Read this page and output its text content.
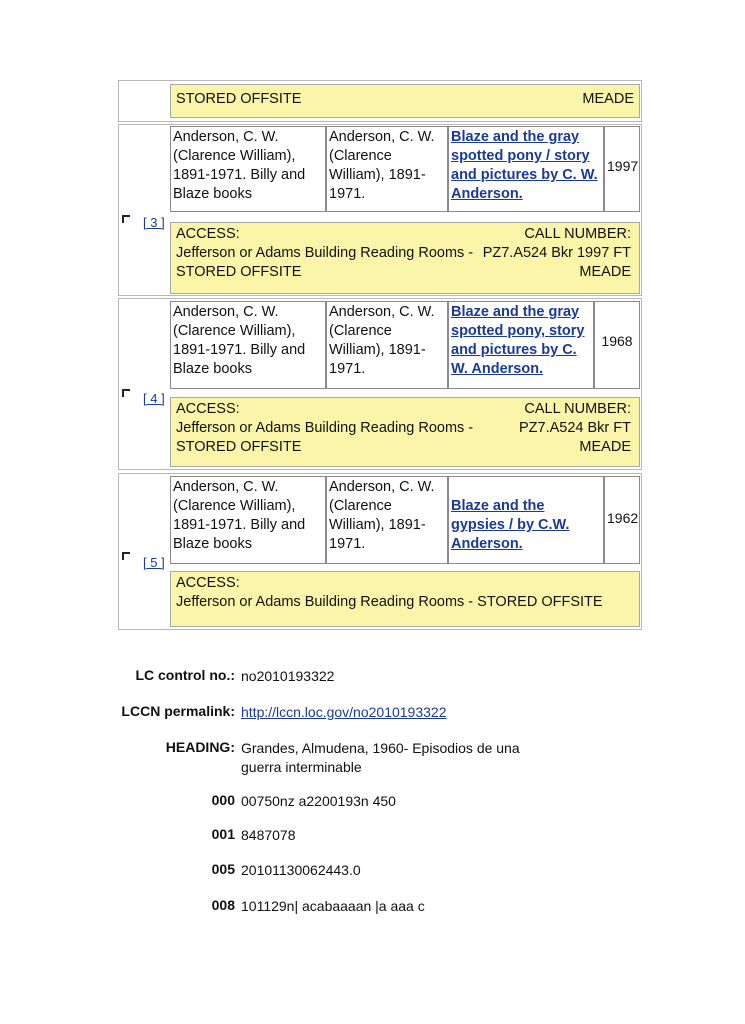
STORED OFFSITE	MEADE
[ 3 ]
Anderson, C. W. (Clarence William), 1891-1971. Billy and Blaze books
Anderson, C. W. (Clarence William), 1891-1971.
Blaze and the gray spotted pony / story and pictures by C. W. Anderson.
1997
ACCESS:
Jefferson or Adams Building Reading Rooms - STORED OFFSITE
CALL NUMBER:
PZ7.A524 Bkr 1997 FT
MEADE
[ 4 ]
Anderson, C. W. (Clarence William), 1891-1971. Billy and Blaze books
Anderson, C. W. (Clarence William), 1891-1971.
Blaze and the gray spotted pony, story and pictures by C. W. Anderson.
1968
ACCESS:
Jefferson or Adams Building Reading Rooms - STORED OFFSITE
CALL NUMBER:
PZ7.A524 Bkr FT
MEADE
[ 5 ]
Anderson, C. W. (Clarence William), 1891-1971. Billy and Blaze books
Anderson, C. W. (Clarence William), 1891-1971.
Blaze and the gypsies / by C.W. Anderson.
1962
ACCESS:
Jefferson or Adams Building Reading Rooms - STORED OFFSITE
LC control no.: no2010193322
LCCN permalink: http://lccn.loc.gov/no2010193322
HEADING: Grandes, Almudena, 1960- Episodios de una guerra interminable
000 00750nz a2200193n 450
001 8487078
005 20101130062443.0
008 101129n| acabaaaan |a aaa c
